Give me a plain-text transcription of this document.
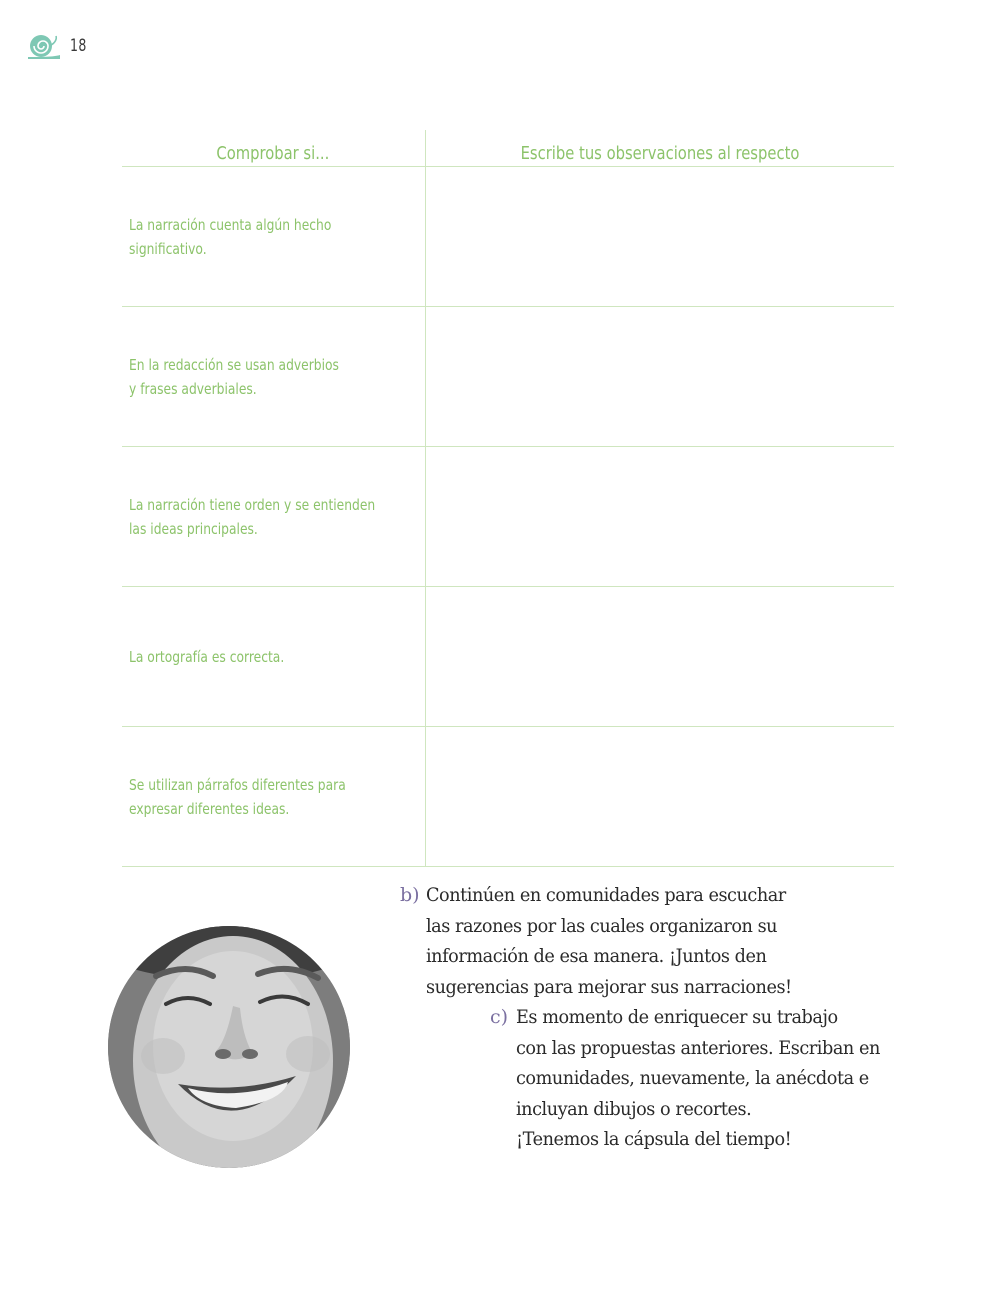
18
Comprobar si...	Escribe tus observaciones al respecto

La narración cuenta algún hecho
significativo.	

En la redacción se usan adverbios
y frases adverbiales.	

La narración tiene orden y se entienden
las ideas principales.	

La ortografía es correcta.	

Se utilizan párrafos diferentes para
expresar diferentes ideas.	

b) Continúen en comunidades para escuchar
las razones por las cuales organizaron su
información de esa manera. ¡Juntos den
sugerencias para mejorar sus narraciones!
c) Es momento de enriquecer su trabajo
con las propuestas anteriores. Escriban en
comunidades, nuevamente, la anécdota e
incluyan dibujos o recortes.
¡Tenemos la cápsula del tiempo!
